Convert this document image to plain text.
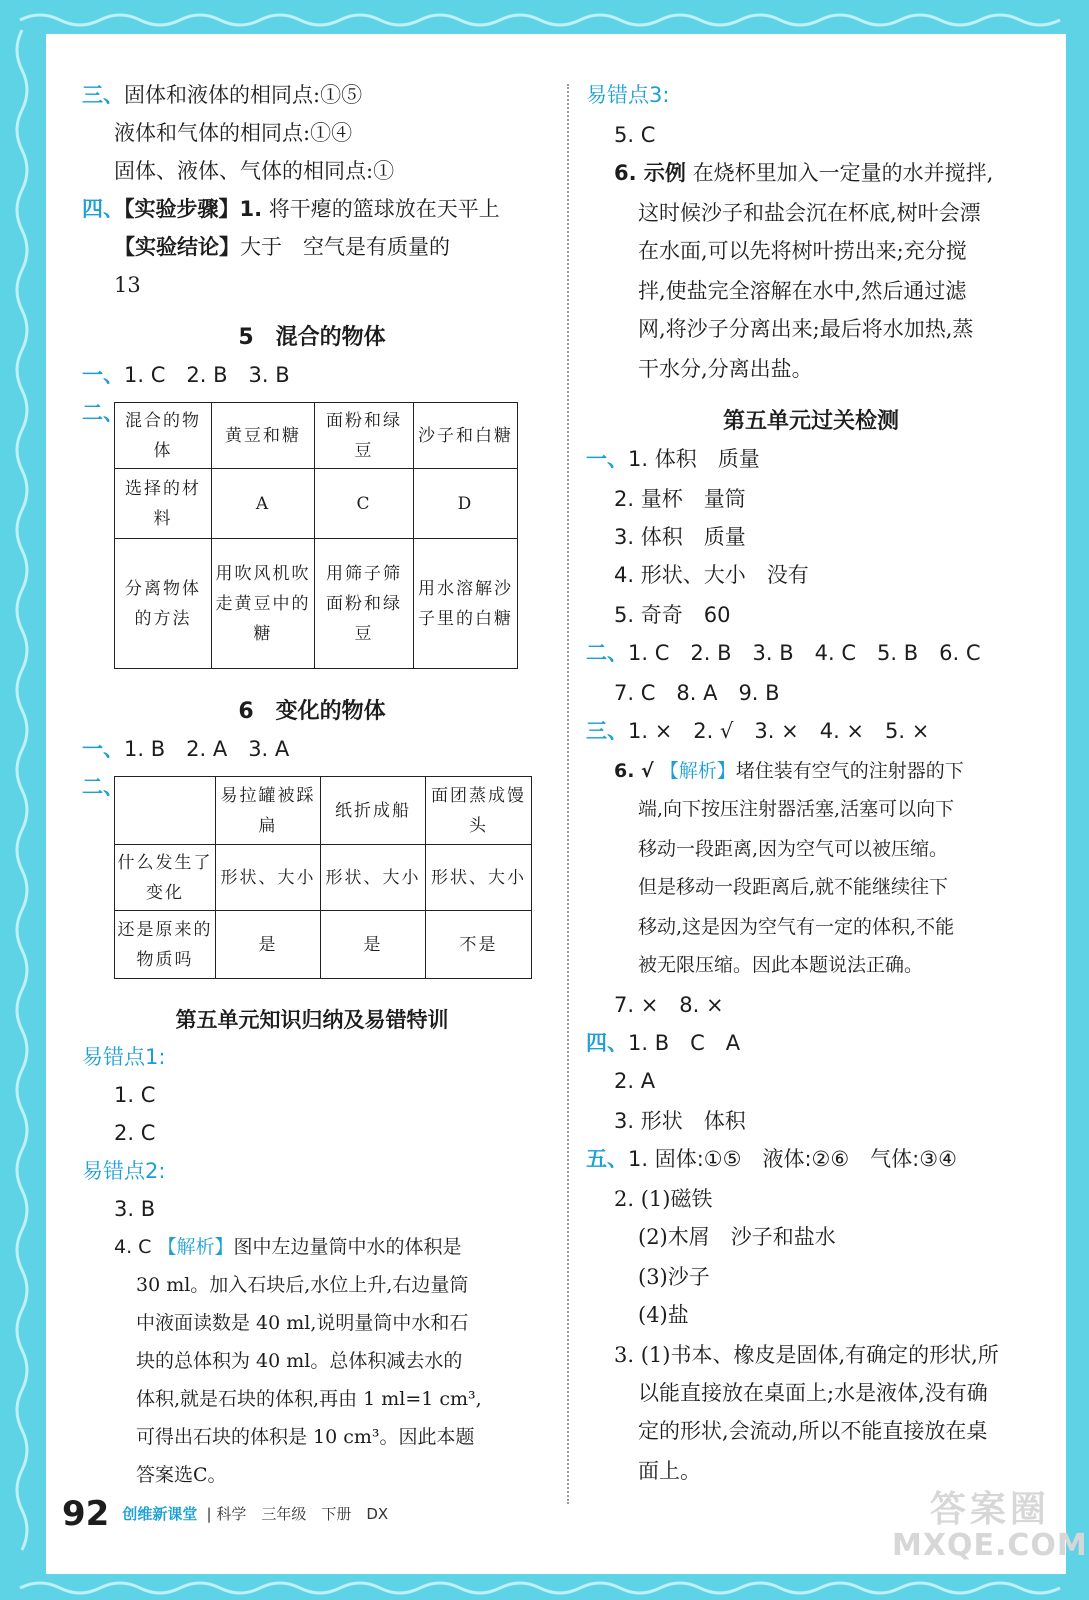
三、固体和液体的相同点:①⑤
液体和气体的相同点:①④
固体、液体、气体的相同点:①
四、【实验步骤】1. 将干瘪的篮球放在天平上
【实验结论】大于　空气是有质量的
13
5　混合的物体
一、1. C　2. B　3. B
二、 混合的物体	黄豆和糖	面粉和绿豆	沙子和白糖
选择的材料	A	C	D
分离物体的方法	用吹风机吹走黄豆中的糖	用筛子筛面粉和绿豆	用水溶解沙子里的白糖
6　变化的物体
一、1. B　2. A　3. A
二、
		易拉罐被踩扁	纸折成船	面团蒸成馒头
什么发生了变化	形状、大小	形状、大小	形状、大小
还是原来的物质吗	是	是	不是
第五单元知识归纳及易错特训
易错点1:
1. C
2. C
易错点2:
3. B
4. C 【解析】图中左边量筒中水的体积是
30 ml。加入石块后,水位上升,右边量筒
中液面读数是 40 ml,说明量筒中水和石
块的总体积为 40 ml。总体积减去水的
体积,就是石块的体积,再由 1 ml=1 cm³,
可得出石块的体积是 10 cm³。因此本题
答案选C。
易错点3:
5. C
6. 示例 在烧杯里加入一定量的水并搅拌,
这时候沙子和盐会沉在杯底,树叶会漂
在水面,可以先将树叶捞出来;充分搅
拌,使盐完全溶解在水中,然后通过滤
网,将沙子分离出来;最后将水加热,蒸
干水分,分离出盐。
第五单元过关检测
一、1. 体积　质量
2. 量杯　量筒
3. 体积　质量
4. 形状、大小　没有
5. 奇奇　60
二、1. C　2. B　3. B　4. C　5. B　6. C
7. C　8. A　9. B
三、1. ×　2. √　3. ×　4. ×　5. ×
6. √ 【解析】堵住装有空气的注射器的下
端,向下按压注射器活塞,活塞可以向下
移动一段距离,因为空气可以被压缩。
但是移动一段距离后,就不能继续往下
移动,这是因为空气有一定的体积,不能
被无限压缩。因此本题说法正确。
7. ×　8. ×
四、1. B　C　A
2. A
3. 形状　体积
五、1. 固体:①⑤　液体:②⑥　气体:③④
2. (1)磁铁
(2)木屑　沙子和盐水
(3)沙子
(4)盐
3. (1)书本、橡皮是固体,有确定的形状,所
以能直接放在桌面上;水是液体,没有确
定的形状,会流动,所以不能直接放在桌
面上。
92 创维新课堂 | 科学　三年级　下册　DX	答案圈
MXQE.COM
